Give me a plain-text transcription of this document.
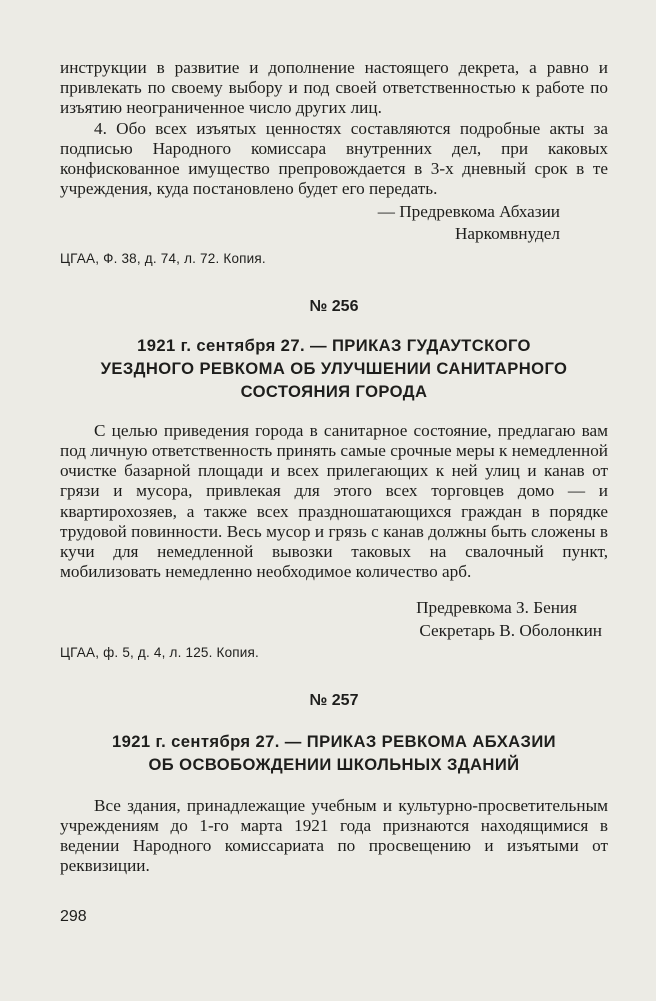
инструкции в развитие и дополнение настоящего декрета, а равно и привлекать по своему выбору и под своей ответственностью к работе по изъятию неограниченное число других лиц.

4. Обо всех изъятых ценностях составляются подробные акты за подписью Народного комиссара внутренних дел, при каковых конфискованное имущество препровождается в 3-х дневный срок в те учреждения, куда постановлено будет его передать.

— Предревкома Абхазии

Наркомвнудел

ЦГАА, Ф. 38, д. 74, л. 72. Копия.

№ 256

1921 г. сентября 27. — ПРИКАЗ ГУДАУТСКОГО

УЕЗДНОГО РЕВКОМА ОБ УЛУЧШЕНИИ САНИТАРНОГО

СОСТОЯНИЯ ГОРОДА

С целью приведения города в санитарное состояние, предлагаю вам под личную ответственность принять самые срочные меры к немедленной очистке базарной площади и всех прилегающих к ней улиц и канав от грязи и мусора, привлекая для этого всех торговцев домо — и квартирохозяев, а также всех праздношатающихся граждан в порядке трудовой повинности. Весь мусор и грязь с канав должны быть сложены в кучи для немедленной вывозки таковых на свалочный пункт, мобилизовать немедленно необходимое количество арб.

Предревкома З. Бения

Секретарь В. Оболонкин

ЦГАА, ф. 5, д. 4, л. 125. Копия.

№ 257

1921 г. сентября 27. — ПРИКАЗ РЕВКОМА АБХАЗИИ

ОБ ОСВОБОЖДЕНИИ ШКОЛЬНЫХ ЗДАНИЙ

Все здания, принадлежащие учебным и культурно-просветительным учреждениям до 1-го марта 1921 года признаются находящимися в ведении Народного комиссариата по просвещению и изъятыми от реквизиции.

298
